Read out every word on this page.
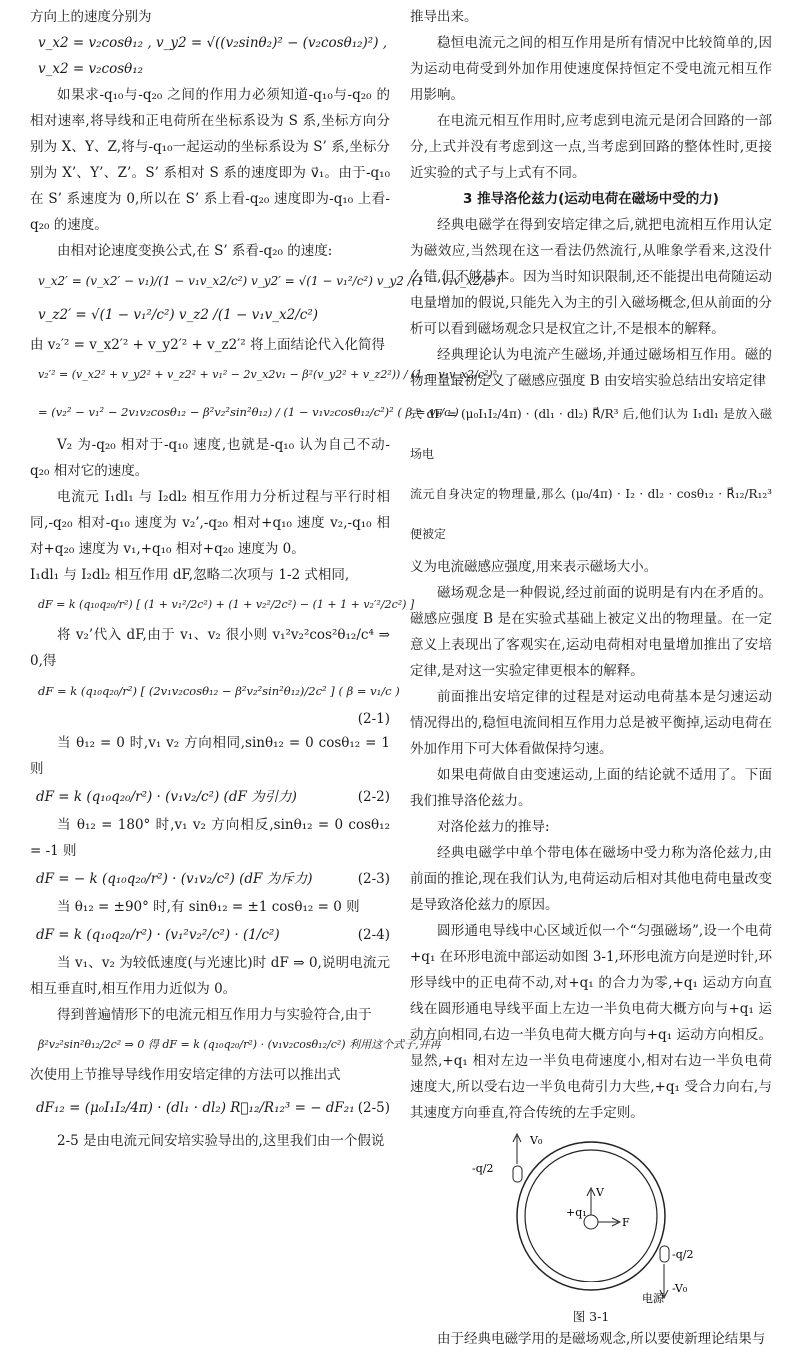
方向上的速度分别为

v_x2 = v₂cosθ₁₂ , v_y2 = √((v₂sinθ₂)² − (v₂cosθ₁₂)²) ,

v_x2 = v₂cosθ₁₂

如果求-q₁₀与-q₂₀ 之间的作用力必须知道-q₁₀与-q₂₀ 的相对速率,将导线和正电荷所在坐标系设为 S 系,坐标方向分别为 X、Y、Z,将与-q₁₀一起运动的坐标系设为 S’ 系,坐标分别为 X’、Y’、Z’。S’ 系相对 S 系的速度即为 v⃗₁。由于-q₁₀ 在 S’ 系速度为 0,所以在 S’ 系上看-q₂₀ 速度即为-q₁₀ 上看-q₂₀ 的速度。

由相对论速度变换公式,在 S’ 系看-q₂₀ 的速度:

v_x2′ = (v_x2′ − v₁)/(1 − v₁v_x2/c²) v_y2′ = √(1 − v₁²/c²) v_y2 /(1 − v₁v_x2/c²)

v_z2′ = √(1 − v₁²/c²) v_z2 /(1 − v₁v_x2/c²)

由 v₂′² = v_x2′² + v_y2′² + v_z2′² 将上面结论代入化简得

v₂′² = (v_x2² + v_y2² + v_z2² + v₁² − 2v_x2v₁ − β²(v_y2² + v_z2²)) / (1 − v₁v_x2/c²)²

= (v₂² − v₁² − 2v₁v₂cosθ₁₂ − β²v₂²sin²θ₁₂) / (1 − v₁v₂cosθ₁₂/c²)² ( β = v₁/c )

V₂ 为-q₂₀ 相对于-q₁₀ 速度,也就是-q₁₀ 认为自己不动-q₂₀ 相对它的速度。

电流元 I₁dl₁ 与 I₂dl₂ 相互作用力分析过程与平行时相同,-q₂₀ 相对-q₁₀ 速度为 v₂’,-q₂₀ 相对+q₁₀ 速度 v₂,-q₁₀ 相对+q₂₀ 速度为 v₁,+q₁₀ 相对+q₂₀ 速度为 0。

I₁dl₁ 与 I₂dl₂ 相互作用 dF,忽略二次项与 1-2 式相同,

dF = k (q₁₀q₂₀/r²) [ (1 + v₁²/2c²) + (1 + v₂²/2c²) − (1 + 1 + v₂′²/2c²) ]

将 v₂’代入 dF,由于 v₁、v₂ 很小则 v₁²v₂²cos²θ₁₂/c⁴ ⇒ 0,得

dF = k (q₁₀q₂₀/r²) [ (2v₁v₂cosθ₁₂ − β²v₂²sin²θ₁₂)/2c² ] ( β = v₁/c )

(2-1)

当 θ₁₂ = 0 时,v₁ v₂ 方向相同,sinθ₁₂ = 0 cosθ₁₂ = 1 则

dF = k (q₁₀q₂₀/r²) · (v₁v₂/c²) (dF 为引力)	(2-2)

当 θ₁₂ = 180° 时,v₁ v₂ 方向相反,sinθ₁₂ = 0 cosθ₁₂ = -1 则

dF = − k (q₁₀q₂₀/r²) · (v₁v₂/c²) (dF 为斥力)	(2-3)

当 θ₁₂ = ±90° 时,有 sinθ₁₂ = ±1 cosθ₁₂ = 0 则

dF = k (q₁₀q₂₀/r²) · (v₁²v₂²/c²) · (1/c²)	(2-4)

当 v₁、v₂ 为较低速度(与光速比)时 dF ⇒ 0,说明电流元相互垂直时,相互作用力近似为 0。

得到普遍情形下的电流元相互作用力与实验符合,由于

β²v₂²sin²θ₁₂/2c² ⇒ 0 得 dF = k (q₁₀q₂₀/r²) · (v₁v₂cosθ₁₂/c²) 利用这个式子,并再

次使用上节推导导线作用安培定律的方法可以推出式

dF₁₂ = (μ₀I₁I₂/4π) · (dl₁ · dl₂) R⃗₁₂/R₁₂³ = − dF₂₁ (2-5)

2-5 是由电流元间安培实验导出的,这里我们由一个假说

推导出来。

稳恒电流元之间的相互作用是所有情况中比较简单的,因为运动电荷受到外加作用使速度保持恒定不受电流元相互作用影响。

在电流元相互作用时,应考虑到电流元是闭合回路的一部分,上式并没有考虑到这一点,当考虑到回路的整体性时,更接近实验的式子与上式有不同。

3 推导洛伦兹力(运动电荷在磁场中受的力)

经典电磁学在得到安培定律之后,就把电流相互作用认定为磁效应,当然现在这一看法仍然流行,从唯象学看来,这没什么错,但不够基本。因为当时知识限制,还不能提出电荷随运动电量增加的假说,只能先入为主的引入磁场概念,但从前面的分析可以看到磁场观念只是权宜之计,不是根本的解释。

经典理论认为电流产生磁场,并通过磁场相互作用。磁的物理量最初定义了磁感应强度 B 由安培实验总结出安培定律

式 dF = (μ₀I₁I₂/4π) · (dl₁ · dl₂) R⃗/R³ 后,他们认为 I₁dl₁ 是放入磁场电

流元自身决定的物理量,那么 (μ₀/4π) · I₂ · dl₂ · cosθ₁₂ · R⃗₁₂/R₁₂³ 便被定

义为电流磁感应强度,用来表示磁场大小。

磁场观念是一种假说,经过前面的说明是有内在矛盾的。磁感应强度 B 是在实验式基础上被定义出的物理量。在一定意义上表现出了客观实在,运动电荷相对电量增加推出了安培定律,是对这一实验定律更根本的解释。

前面推出安培定律的过程是对运动电荷基本是匀速运动情况得出的,稳恒电流间相互作用力总是被平衡掉,运动电荷在外加作用下可大体看做保持匀速。

如果电荷做自由变速运动,上面的结论就不适用了。下面我们推导洛伦兹力。

对洛伦兹力的推导:

经典电磁学中单个带电体在磁场中受力称为洛伦兹力,由前面的推论,现在我们认为,电荷运动后相对其他电荷电量改变是导致洛伦兹力的原因。

圆形通电导线中心区域近似一个“匀强磁场”,设一个电荷+q₁ 在环形电流中部运动如图 3-1,环形电流方向是逆时针,环形导线中的正电荷不动,对+q₁ 的合力为零,+q₁ 运动方向直线在圆形通电导线平面上左边一半负电荷大概方向与+q₁ 运动方向相同,右边一半负电荷大概方向与+q₁ 运动方向相反。显然,+q₁ 相对左边一半负电荷速度小,相对右边一半负电荷速度大,所以受右边一半负电荷引力大些,+q₁ 受合力向右,与其速度方向垂直,符合传统的左手定则。

V₀
-q/2
V
+q₁
F
-q/2
-V₀
电源
图 3-1

由于经典电磁学用的是磁场观念,所以要使新理论结果与
